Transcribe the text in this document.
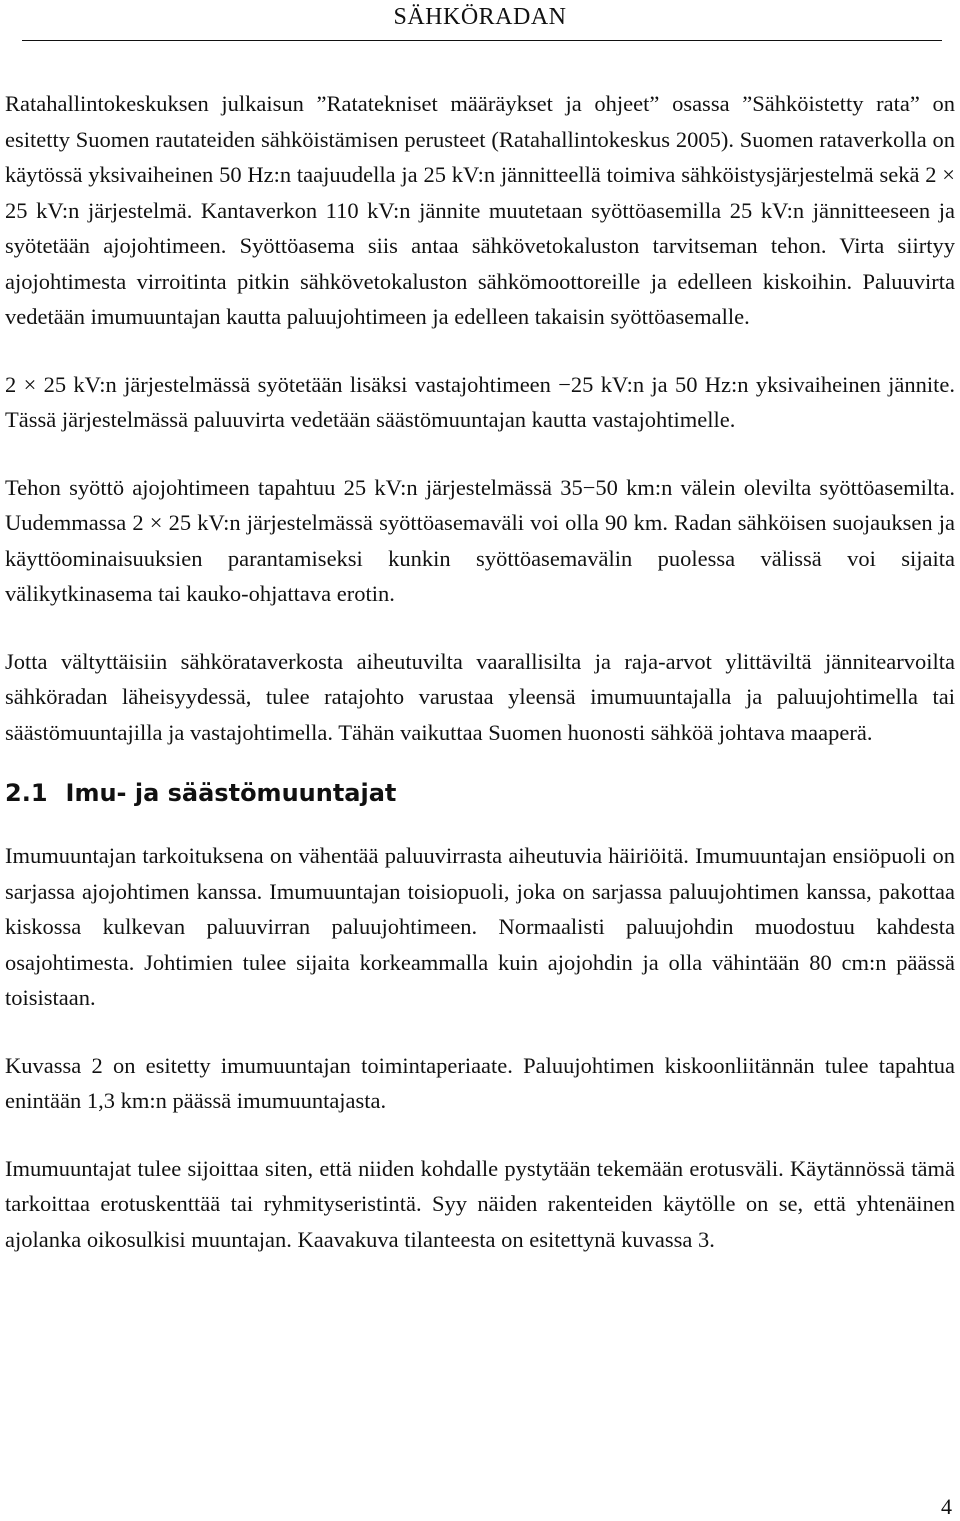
SÄHKÖRADAN

Ratahallintokeskuksen julkaisun ”Ratatekniset määräykset ja ohjeet” osassa ”Sähköistetty rata” on esitetty Suomen rautateiden sähköistämisen perusteet (Ratahallintokeskus 2005). Suomen rataverkolla on käytössä yksivaiheinen 50 Hz:n taajuudella ja 25 kV:n jännitteellä toimiva sähköistysjärjestelmä sekä 2 × 25 kV:n järjestelmä. Kantaverkon 110 kV:n jännite muutetaan syöttöasemilla 25 kV:n jännitteeseen ja syötetään ajojohtimeen. Syöttöasema siis antaa sähkövetokaluston tarvitseman tehon. Virta siirtyy ajojohtimesta virroitinta pitkin sähkövetokaluston sähkömoottoreille ja edelleen kiskoihin. Paluuvirta vedetään imumuuntajan kautta paluujohtimeen ja edelleen takaisin syöttöasemalle.

2 × 25 kV:n järjestelmässä syötetään lisäksi vastajohtimeen −25 kV:n ja 50 Hz:n yksivaiheinen jännite. Tässä järjestelmässä paluuvirta vedetään säästömuuntajan kautta vastajohtimelle.

Tehon syöttö ajojohtimeen tapahtuu 25 kV:n järjestelmässä 35−50 km:n välein olevilta syöttöasemilta. Uudemmassa 2 × 25 kV:n järjestelmässä syöttöasemaväli voi olla 90 km. Radan sähköisen suojauksen ja käyttöominaisuuksien parantamiseksi kunkin syöttöasemavälin puolessa välissä voi sijaita välikytkinasema tai kauko-ohjattava erotin.

Jotta vältyttäisiin sähkörataverkosta aiheutuvilta vaarallisilta ja raja-arvot ylittäviltä jännitearvoilta sähköradan läheisyydessä, tulee ratajohto varustaa yleensä imumuuntajalla ja paluujohtimella tai säästömuuntajilla ja vastajohtimella. Tähän vaikuttaa Suomen huonosti sähköä johtava maaperä.

2.1 Imu- ja säästömuuntajat

Imumuuntajan tarkoituksena on vähentää paluuvirrasta aiheutuvia häiriöitä. Imumuuntajan ensiöpuoli on sarjassa ajojohtimen kanssa. Imumuuntajan toisiopuoli, joka on sarjassa paluujohtimen kanssa, pakottaa kiskossa kulkevan paluuvirran paluujohtimeen. Normaalisti paluujohdin muodostuu kahdesta osajohtimesta. Johtimien tulee sijaita korkeammalla kuin ajojohdin ja olla vähintään 80 cm:n päässä toisistaan.

Kuvassa 2 on esitetty imumuuntajan toimintaperiaate. Paluujohtimen kiskoonliitännän tulee tapahtua enintään 1,3 km:n päässä imumuuntajasta.

Imumuuntajat tulee sijoittaa siten, että niiden kohdalle pystytään tekemään erotusväli. Käytännössä tämä tarkoittaa erotuskenttää tai ryhmityseristintä. Syy näiden rakenteiden käytölle on se, että yhtenäinen ajolanka oikosulkisi muuntajan. Kaavakuva tilanteesta on esitettynä kuvassa 3.

4
